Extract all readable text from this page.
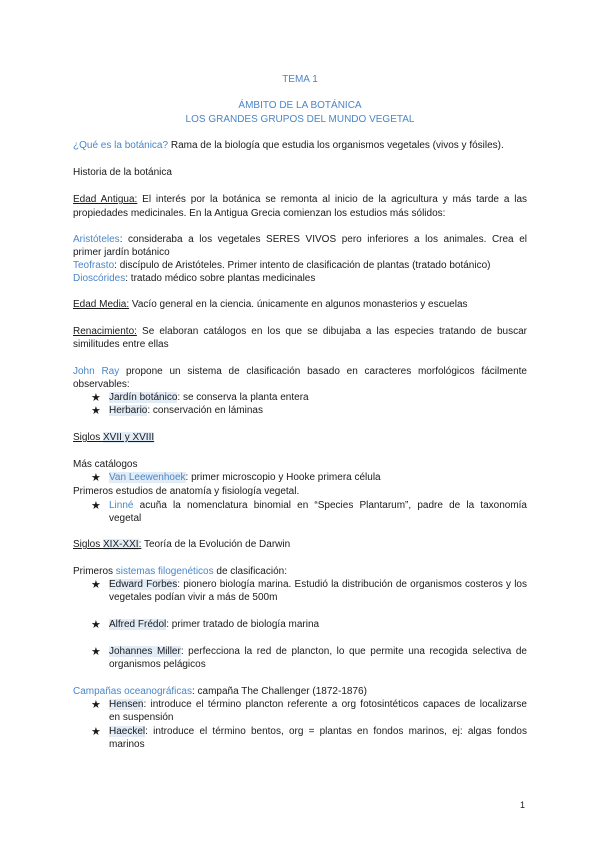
TEMA 1
ÁMBITO DE LA BOTÁNICA
LOS GRANDES GRUPOS DEL MUNDO VEGETAL
¿Qué es la botánica? Rama de la biología que estudia los organismos vegetales (vivos y fósiles).
Historia de la botánica
Edad Antigua: El interés por la botánica se remonta al inicio de la agricultura y más tarde a las
propiedades medicinales. En la Antigua Grecia comienzan los estudios más sólidos:
Aristóteles: consideraba a los vegetales SERES VIVOS pero inferiores a los animales. Crea el
primer jardín botánico
Teofrasto: discípulo de Aristóteles. Primer intento de clasificación de plantas (tratado botánico)
Dioscórides: tratado médico sobre plantas medicinales
Edad Media: Vacío general en la ciencia. únicamente en algunos monasterios y escuelas
Renacimiento: Se elaboran catálogos en los que se dibujaba a las especies tratando de buscar
similitudes entre ellas
John Ray propone un sistema de clasificación basado en caracteres morfológicos fácilmente
observables:
★ Jardín botánico: se conserva la planta entera
★ Herbario: conservación en láminas
Siglos XVII y XVIII
Más catálogos
★ Van Leewenhoek: primer microscopio y Hooke primera célula
Primeros estudios de anatomía y fisiología vegetal.
★ Linné acuña la nomenclatura binomial en “Species Plantarum”, padre de la taxonomía
vegetal
Siglos XIX-XXI: Teoría de la Evolución de Darwin
Primeros sistemas filogenéticos de clasificación:
★ Edward Forbes: pionero biología marina. Estudió la distribución de organismos costeros y los
vegetales podían vivir a más de 500m
★ Alfred Frédol: primer tratado de biología marina
★ Johannes Miller: perfecciona la red de plancton, lo que permite una recogida selectiva de
organismos pelágicos
Campañas oceanográficas: campaña The Challenger (1872-1876)
★ Hensen: introduce el término plancton referente a org fotosintéticos capaces de localizarse
en suspensión
★ Haeckel: introduce el término bentos, org = plantas en fondos marinos, ej: algas fondos
marinos
1
